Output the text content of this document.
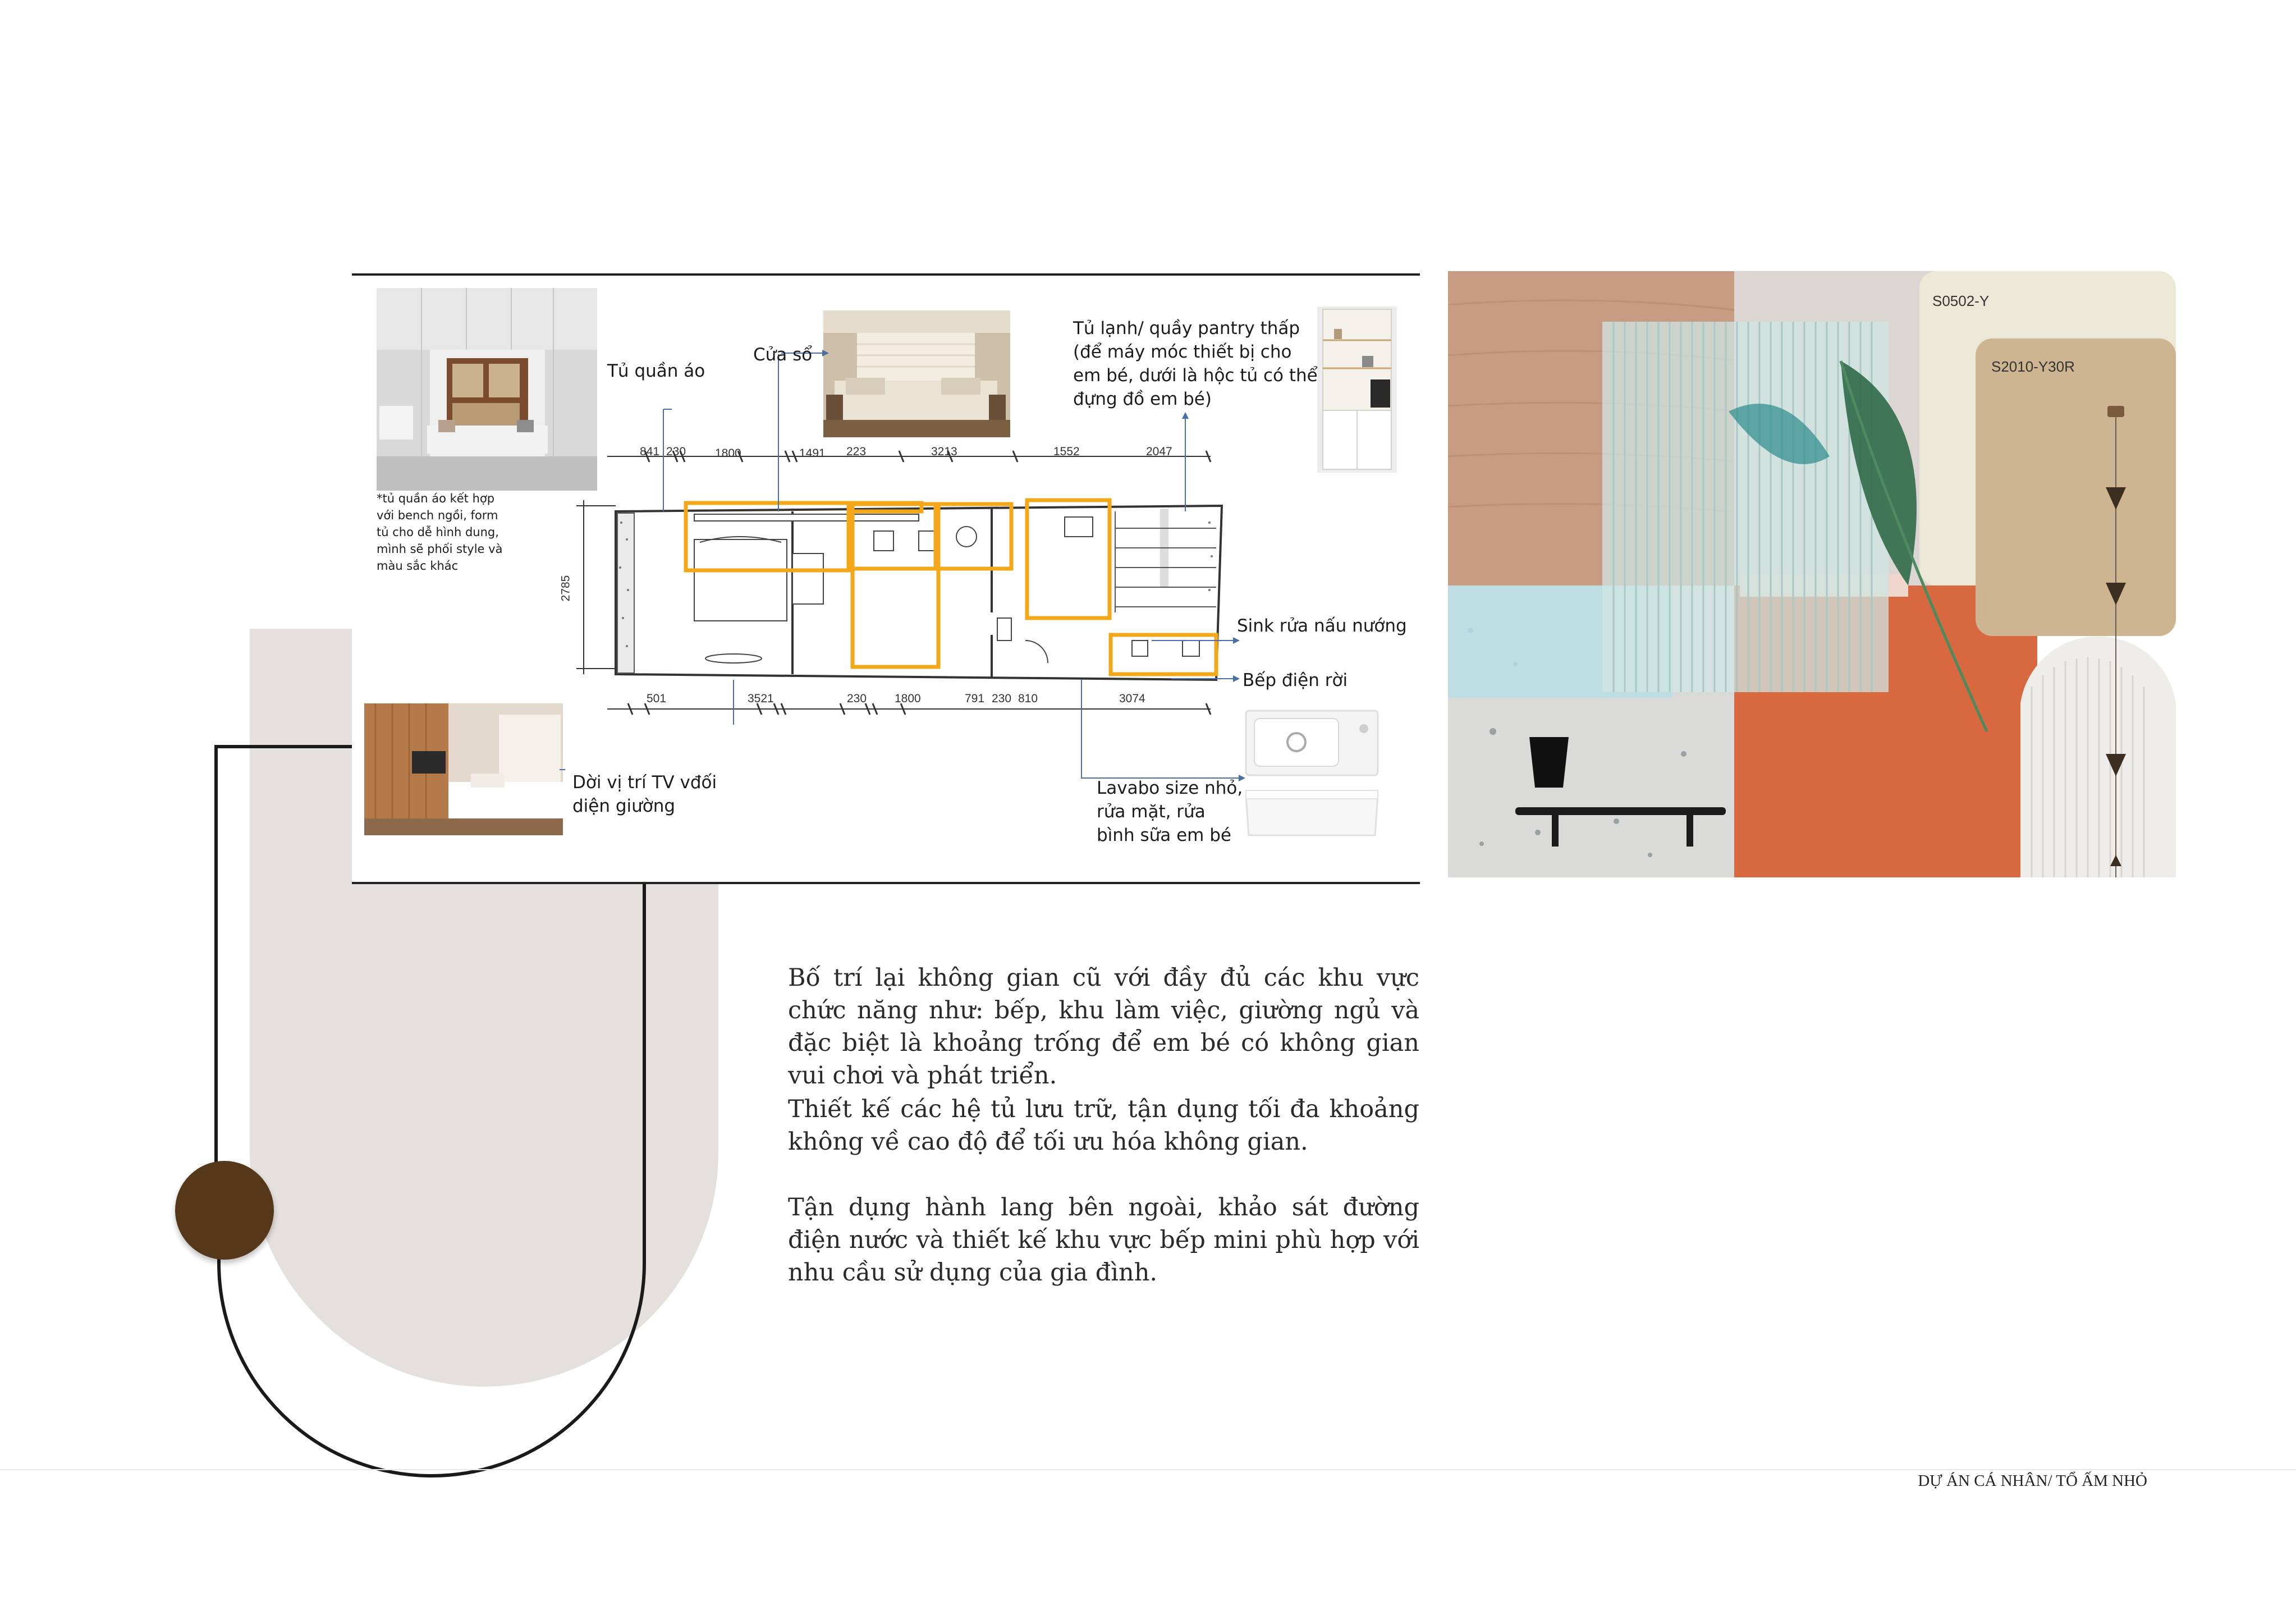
*tủ quần áo kết hợp
với bench ngồi, form
tủ cho dễ hình dung,
mình sẽ phối style và
màu sắc khác
Tủ quần áo
Cửa sổ
Tủ lạnh/ quầy pantry thấp
(để máy móc thiết bị cho
em bé, dưới là hộc tủ có thể
đựng đồ em bé)
Sink rửa nấu nướng
Bếp điện rời
Dời vị trí TV vđối
diện giường
Lavabo size nhỏ,
rửa mặt, rửa
bình sữa em bé
841 230 1800	1491 223	3213	1552	2047
501	3521	230 1800	791 230 810	3074
2785
S0502-Y
S2010-Y30R
Bố trí lại không gian cũ với đầy đủ các khu vực chức năng như: bếp, khu làm việc, giường ngủ và đặc biệt là khoảng trống để em bé có không gian vui chơi và phát triển.
Thiết kế các hệ tủ lưu trữ, tận dụng tối đa khoảng không về cao độ để tối ưu hóa không gian.
Tận dụng hành lang bên ngoài, khảo sát đường điện nước và thiết kế khu vực bếp mini phù hợp với nhu cầu sử dụng của gia đình.
DỰ ÁN CÁ NHÂN/ TỔ ẤM NHỎ
